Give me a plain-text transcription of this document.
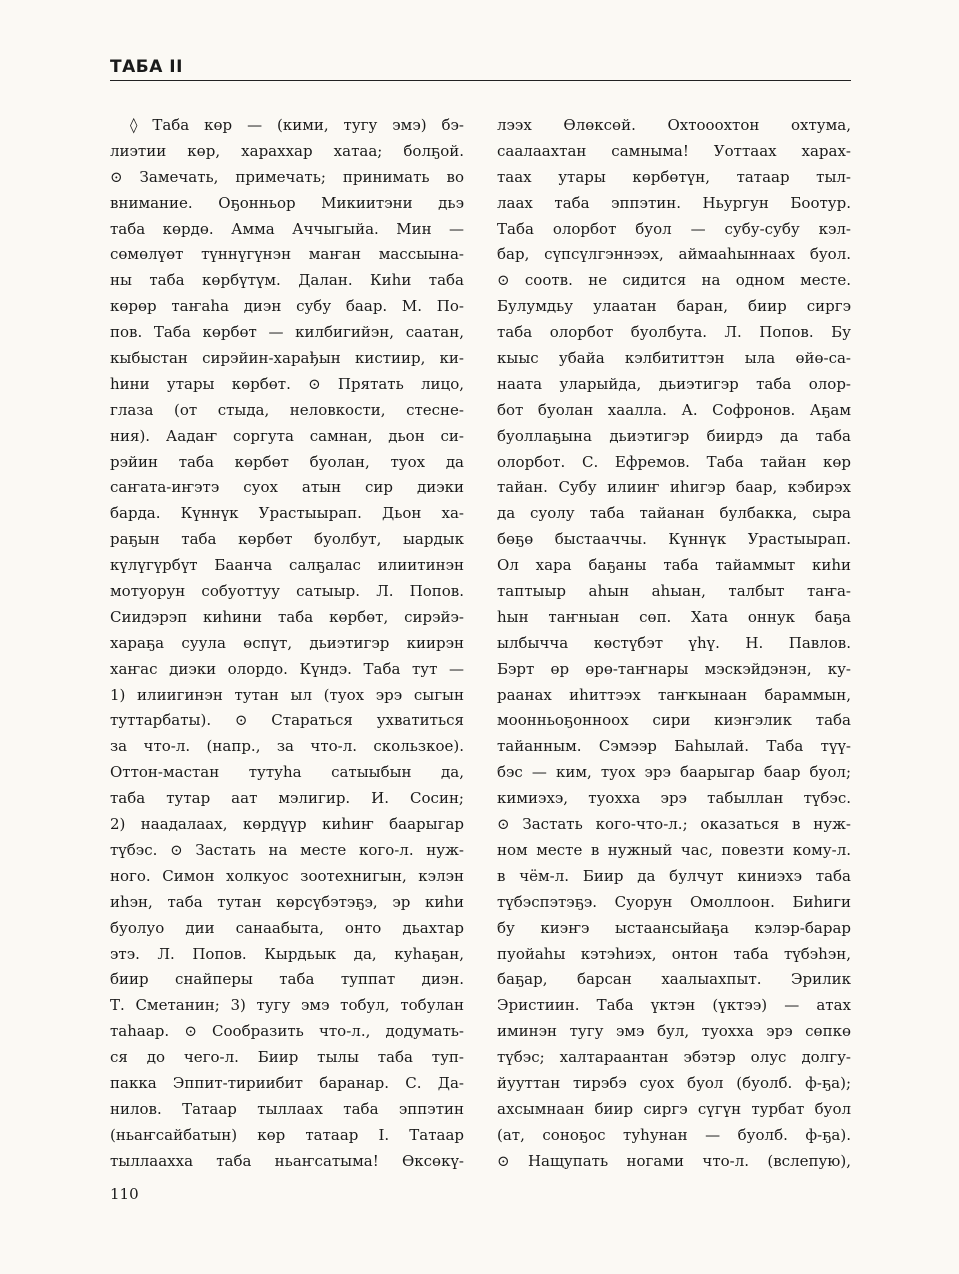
ТАБА II
◊ Таба көр — (кими, тугу эмэ) бэ-
лиэтии көр, хараххар хатаа; болҕой.
⊙ Замечать, примечать; принимать во
внимание. Оҕонньор Микиитэни дьэ
таба көрдө. Амма Аччыгыйа. Мин —
сөмөлүөт түннүгүнэн маҥан массыына-
ны таба көрбүтүм. Далан. Киһи таба
көрөр таҥаһа диэн субу баар. М. По-
пов. Таба көрбөт — килбигийэн, саатан,
кыбыстан сирэйин-харађын кистиир, ки-
һини утары көрбөт. ⊙ Прятать лицо,
глаза (от стыда, неловкости, стесне-
ния). Аадаҥ соргута самнан, дьон си-
рэйин таба көрбөт буолан, туох да
саҥата-иҥэтэ суох атын сир диэки
барда. Күннүк Урастыырап. Дьон ха-
раҕын таба көрбөт буолбут, ыардык
күлүгүрбүт Баанча салҕалас илиитинэн
мотуорун собуоттуу сатыыр. Л. Попов.
Сиидэрэп киһини таба көрбөт, сирэйэ-
хараҕа суула өспүт, дьиэтигэр киирэн
хаҥас диэки олордо. Күндэ. Таба тут —
1) илиигинэн тутан ыл (туох эрэ сыгын
туттарбаты). ⊙ Стараться ухватиться
за что-л. (напр., за что-л. скользкое).
Оттон-мастан тутуһа сатыыбын да,
таба тутар аат мэлигир. И. Сосин;
2) наадалаах, көрдүүр киһиҥ баарыгар
түбэс. ⊙ Застать на месте кого-л. нуж-
ного. Симон холкуос зоотехнигын, кэлэн
иһэн, таба тутан көрсүбэтэҕэ, эр киһи
буолуо дии санаабыта, онто дьахтар
этэ. Л. Попов. Кырдьык да, куһаҕан,
биир снайперы таба туппат диэн.
Т. Сметанин; 3) тугу эмэ тобул, тобулан
таһаар. ⊙ Сообразить что-л., додумать-
ся до чего-л. Биир тылы таба туп-
пакка Эппит-тириибит баранар. С. Да-
нилов. Татаар тыллаах таба эппэтин
(ньаҥсайбатын) көр татаар I. Татаар
тыллаахха таба ньаҥсатыма! Өксөкү-
лээх Өлөксөй. Охтооохтон охтума,
саалаахтан самныма! Уоттаах харах-
таах утары көрбөтүн, татаар тыл-
лаах таба эппэтин. Ньургун Боотур.
Таба олорбот буол — субу-субу кэл-
бар, сүпсүлгэннээх, аймааһыннаах буол.
⊙ соотв. не сидится на одном месте.
Булумдьу улаатан баран, биир сиргэ
таба олорбот буолбута. Л. Попов. Бу
кыыс убайа кэлбититтэн ыла өйө-са-
наата уларыйда, дьиэтигэр таба олор-
бот буолан хаалла. А. Софронов. Аҕам
буоллаҕына дьиэтигэр биирдэ да таба
олорбот. С. Ефремов. Таба тайан көр
тайан. Субу илииҥ иһигэр баар, кэбирэх
да суолу таба тайанан булбакка, сыра
бөҕө быстааччы. Күннүк Урастыырап.
Ол хара баҕаны таба тайаммыт киһи
таптыыр аһын аһыан, талбыт таҥа-
һын таҥныан сөп. Хата оннук баҕа
ылбычча көстүбэт үһү. Н. Павлов.
Бэрт өр өрө-таҥнары мэскэйдэнэн, ку-
раанах иһиттээх таҥкынаан бараммын,
моонньоҕонноох сири киэҥэлик таба
тайанным. Сэмээр Баһылай. Таба түү-
бэс — ким, туох эрэ баарыгар баар буол;
кимиэхэ, туохха эрэ табыллан түбэс.
⊙ Застать кого-что-л.; оказаться в нуж-
ном месте в нужный час, повезти кому-л.
в чём-л. Биир да булчут киниэхэ таба
түбэспэтэҕэ. Суорун Омоллоон. Биһиги
бу киэҥэ ыстаансыйаҕа кэлэр-барар
пуойаһы кэтэһиэх, онтон таба түбэһэн,
баҕар, барсан хаалыахпыт. Эрилик
Эристиин. Таба үктэн (үктээ) — атах
иминэн тугу эмэ бул, туохха эрэ сөпкө
түбэс; халтараантан эбэтэр олус долгу-
йууттан тирэбэ суох буол (буолб. ф-ҕа);
ахсымнаан биир сиргэ сүгүн турбат буол
(ат, соноҕос туһунан — буолб. ф-ҕа).
⊙ Нащупать ногами что-л. (вслепую),
110
